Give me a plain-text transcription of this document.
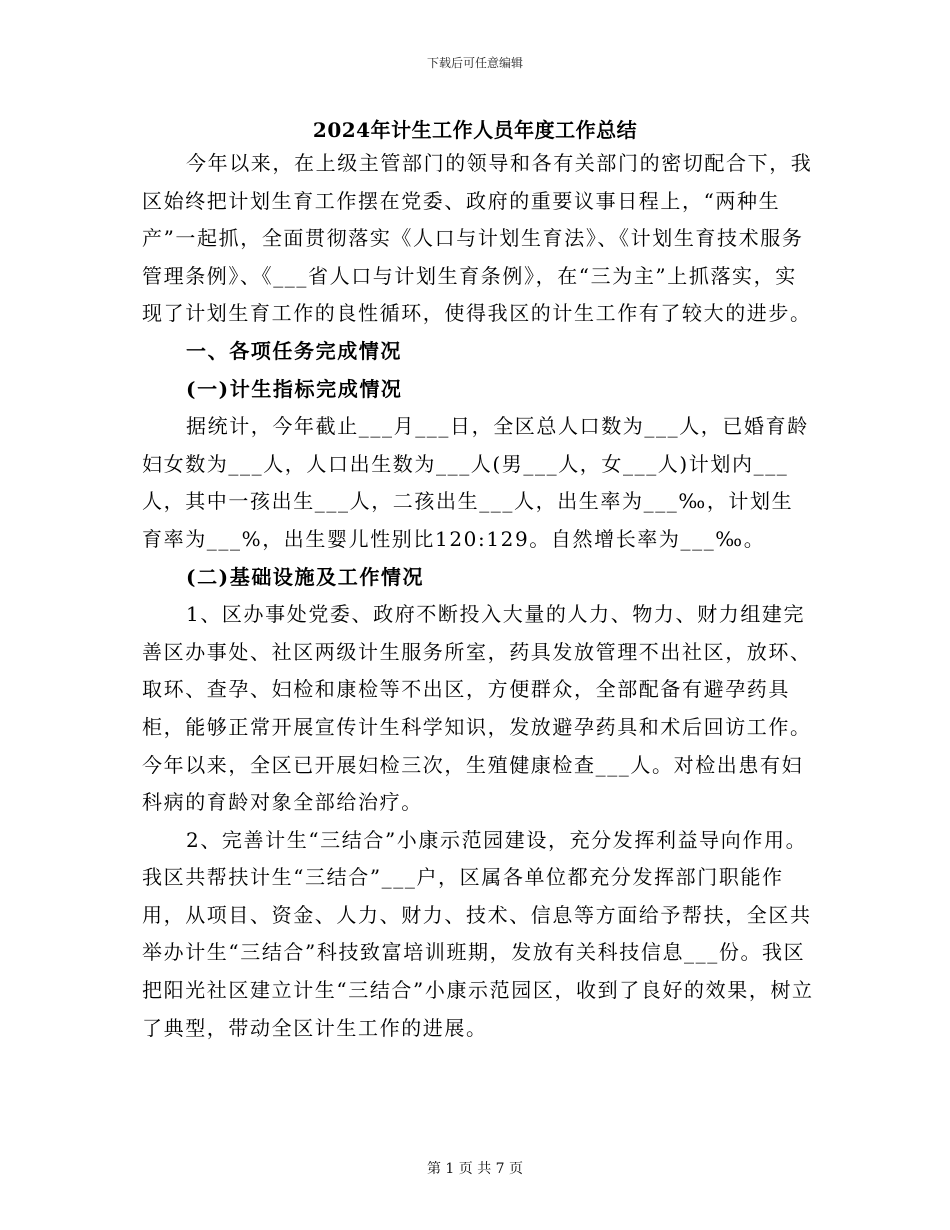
下载后可任意编辑
2024年计生工作人员年度工作总结

今年以来，在上级主管部门的领导和各有关部门的密切配合下，我区始终把计划生育工作摆在党委、政府的重要议事日程上，“两种生产”一起抓，全面贯彻落实《人口与计划生育法》、《计划生育技术服务管理条例》、《___省人口与计划生育条例》，在“三为主”上抓落实，实现了计划生育工作的良性循环，使得我区的计生工作有了较大的进步。

一、各项任务完成情况

(一)计生指标完成情况

据统计，今年截止___月___日，全区总人口数为___人，已婚育龄妇女数为___人，人口出生数为___人(男___人，女___人)计划内___人，其中一孩出生___人，二孩出生___人，出生率为___‰，计划生育率为___%，出生婴儿性别比120:129。自然增长率为___‰。

(二)基础设施及工作情况

1、区办事处党委、政府不断投入大量的人力、物力、财力组建完善区办事处、社区两级计生服务所室，药具发放管理不出社区，放环、取环、查孕、妇检和康检等不出区，方便群众，全部配备有避孕药具柜，能够正常开展宣传计生科学知识，发放避孕药具和术后回访工作。今年以来，全区已开展妇检三次，生殖健康检查___人。对检出患有妇科病的育龄对象全部给治疗。

2、完善计生“三结合”小康示范园建设，充分发挥利益导向作用。我区共帮扶计生“三结合”___户，区属各单位都充分发挥部门职能作用，从项目、资金、人力、财力、技术、信息等方面给予帮扶，全区共举办计生“三结合”科技致富培训班期，发放有关科技信息___份。我区把阳光社区建立计生“三结合”小康示范园区，收到了良好的效果，树立了典型，带动全区计生工作的进展。

第 1 页 共 7 页
